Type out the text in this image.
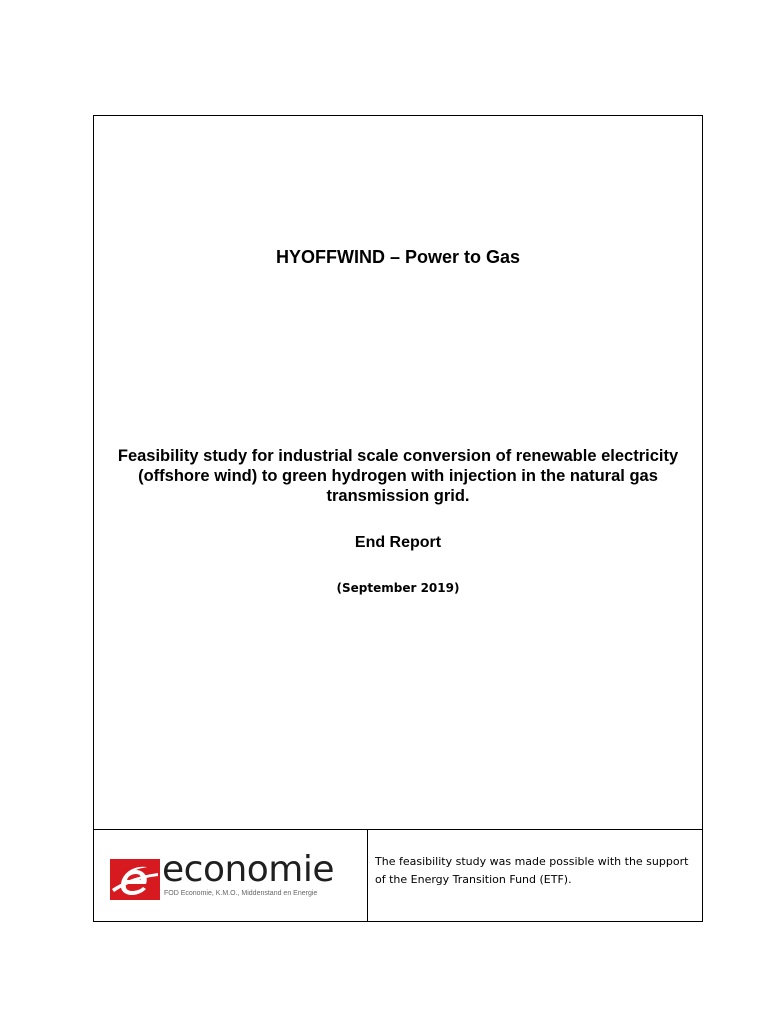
HYOFFWIND – Power to Gas

Feasibility study for industrial scale conversion of renewable electricity (offshore wind) to green hydrogen with injection in the natural gas transmission grid.

End Report

(September 2019)

economie
FOD Economie, K.M.O., Middenstand en Energie

The feasibility study was made possible with the support of the Energy Transition Fund (ETF).
